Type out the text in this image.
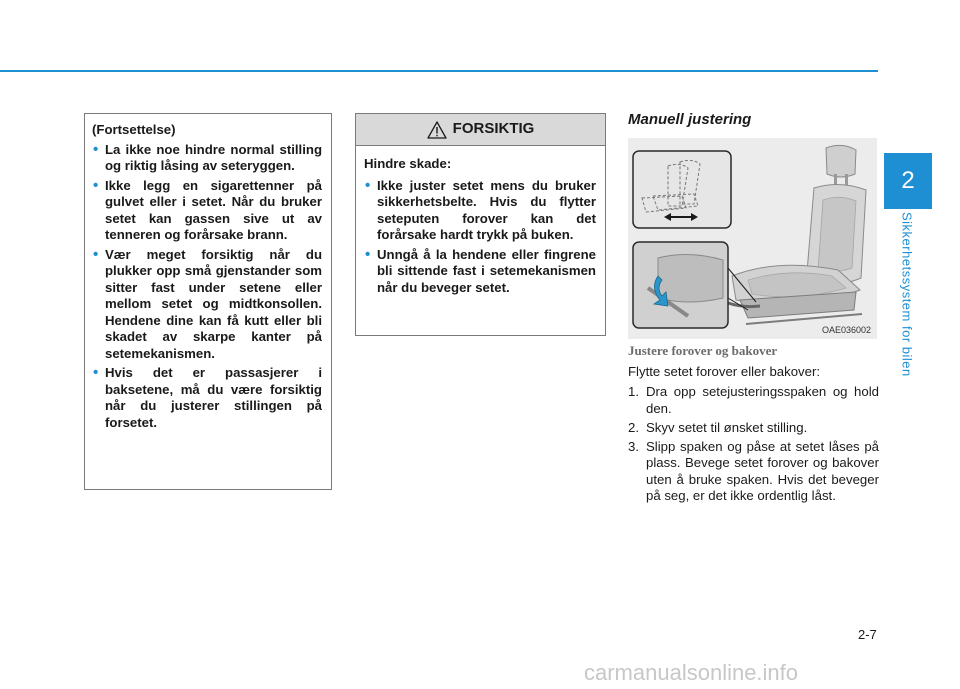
2
Sikkerhetssystem for bilen
(Fortsettelse)
• La ikke noe hindre normal stilling og riktig låsing av seteryggen.
• Ikke legg en sigarettenner på gulvet eller i setet. Når du bruker setet kan gassen sive ut av tenneren og forårsake brann.
• Vær meget forsiktig når du plukker opp små gjenstander som sitter fast under setene eller mellom setet og midtkonsollen. Hendene dine kan få kutt eller bli skadet av skarpe kanter på setemekanismen.
• Hvis det er passasjerer i baksetene, må du være forsiktig når du justerer stillingen på forsetet.
FORSIKTIG
Hindre skade:
• Ikke juster setet mens du bruker sikkerhetsbelte. Hvis du flytter seteputen forover kan det forårsake hardt trykk på buken.
• Unngå å la hendene eller fingrene bli sittende fast i setemekanismen når du beveger setet.
Manuell justering
OAE036002
Justere forover og bakover
Flytte setet forover eller bakover:
1. Dra opp setejusteringsspaken og hold den.
2. Skyv setet til ønsket stilling.
3. Slipp spaken og påse at setet låses på plass. Bevege setet forover og bakover uten å bruke spaken. Hvis det beveger på seg, er det ikke ordentlig låst.
2-7
carmanualsonline.info
